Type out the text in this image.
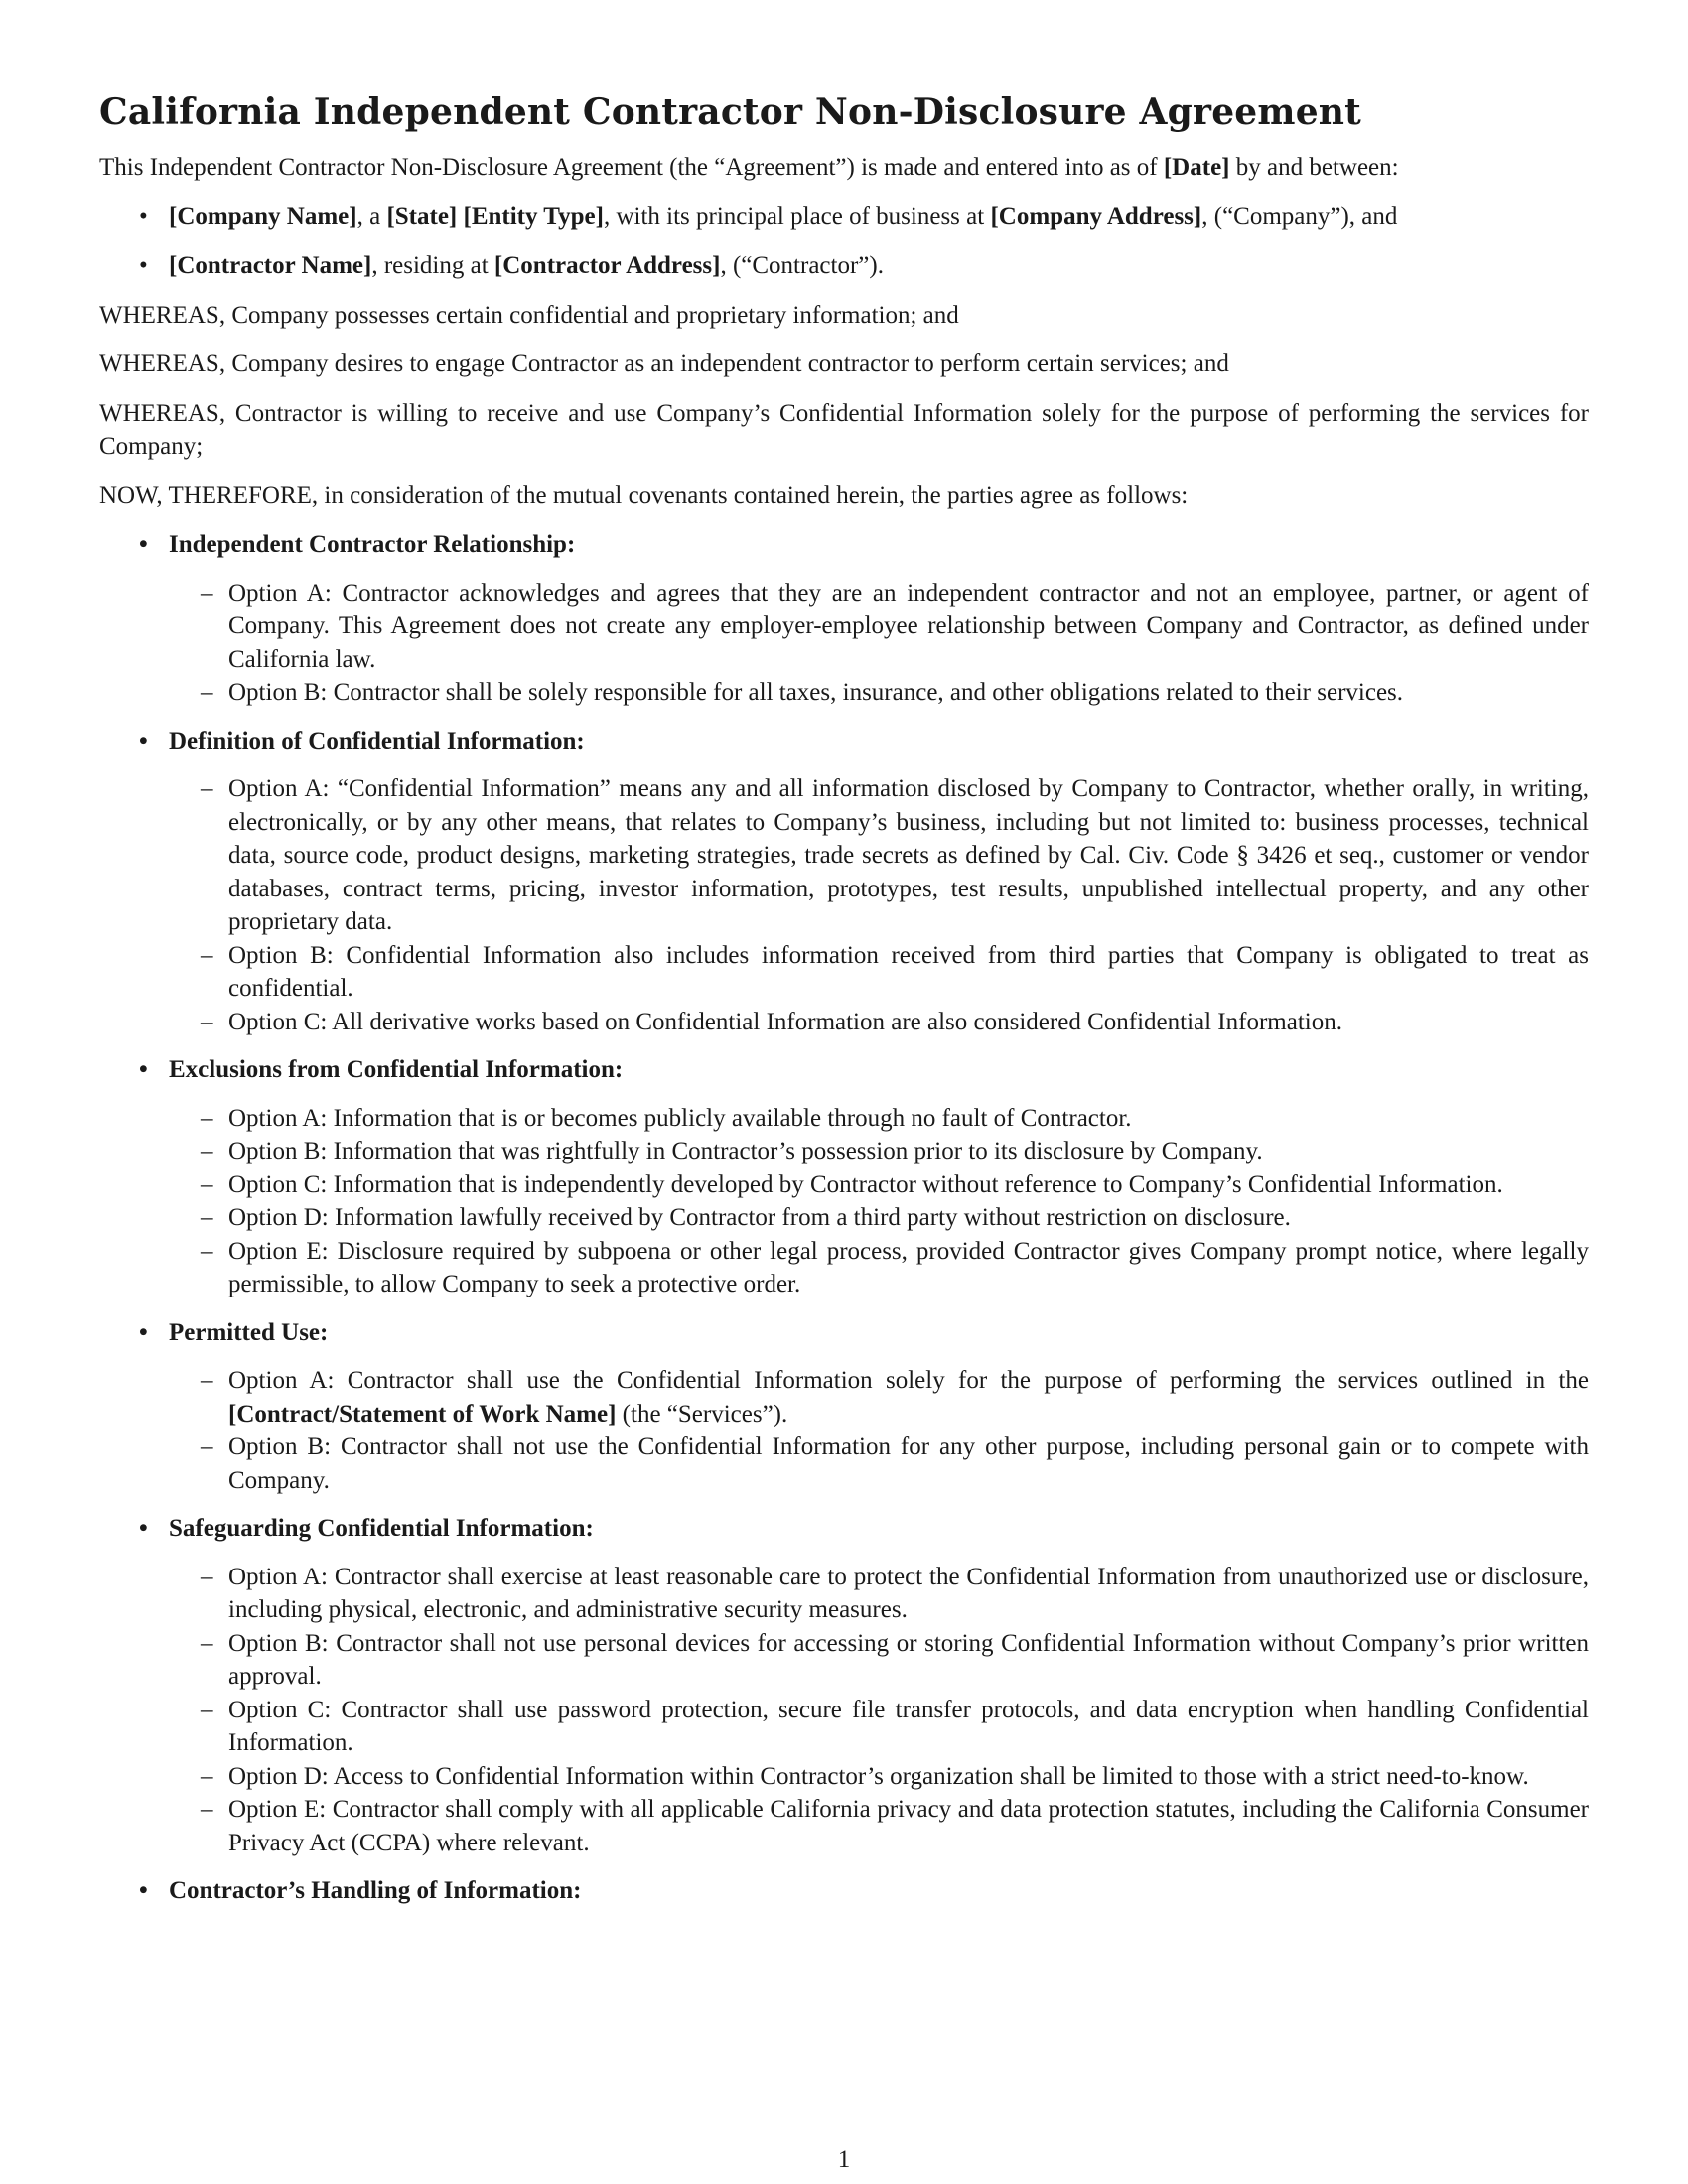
California Independent Contractor Non-Disclosure Agreement

This Independent Contractor Non-Disclosure Agreement (the “Agreement”) is made and entered into as of [Date] by and between:

• [Company Name], a [State] [Entity Type], with its principal place of business at [Company Address], (“Company”), and
• [Contractor Name], residing at [Contractor Address], (“Contractor”).

WHEREAS, Company possesses certain confidential and proprietary information; and

WHEREAS, Company desires to engage Contractor as an independent contractor to perform certain services; and

WHEREAS, Contractor is willing to receive and use Company’s Confidential Information solely for the purpose of performing the services for Company;

NOW, THEREFORE, in consideration of the mutual covenants contained herein, the parties agree as follows:

• Independent Contractor Relationship:
– Option A: Contractor acknowledges and agrees that they are an independent contractor and not an employee, partner, or agent of Company. This Agreement does not create any employer-employee relationship between Company and Contractor, as defined under California law.
– Option B: Contractor shall be solely responsible for all taxes, insurance, and other obligations related to their services.
• Definition of Confidential Information:
– Option A: “Confidential Information” means any and all information disclosed by Company to Contractor, whether orally, in writing, electronically, or by any other means, that relates to Company’s business, including but not limited to: business processes, technical data, source code, product designs, marketing strategies, trade secrets as defined by Cal. Civ. Code § 3426 et seq., customer or vendor databases, contract terms, pricing, investor information, prototypes, test results, unpublished intellectual property, and any other proprietary data.
– Option B: Confidential Information also includes information received from third parties that Company is obligated to treat as confidential.
– Option C: All derivative works based on Confidential Information are also considered Confidential Information.
• Exclusions from Confidential Information:
– Option A: Information that is or becomes publicly available through no fault of Contractor.
– Option B: Information that was rightfully in Contractor’s possession prior to its disclosure by Company.
– Option C: Information that is independently developed by Contractor without reference to Company’s Confidential Information.
– Option D: Information lawfully received by Contractor from a third party without restriction on disclosure.
– Option E: Disclosure required by subpoena or other legal process, provided Contractor gives Company prompt notice, where legally permissible, to allow Company to seek a protective order.
• Permitted Use:
– Option A: Contractor shall use the Confidential Information solely for the purpose of performing the services outlined in the [Contract/Statement of Work Name] (the “Services”).
– Option B: Contractor shall not use the Confidential Information for any other purpose, including personal gain or to compete with Company.
• Safeguarding Confidential Information:
– Option A: Contractor shall exercise at least reasonable care to protect the Confidential Information from unauthorized use or disclosure, including physical, electronic, and administrative security measures.
– Option B: Contractor shall not use personal devices for accessing or storing Confidential Information without Company’s prior written approval.
– Option C: Contractor shall use password protection, secure file transfer protocols, and data encryption when handling Confidential Information.
– Option D: Access to Confidential Information within Contractor’s organization shall be limited to those with a strict need-to-know.
– Option E: Contractor shall comply with all applicable California privacy and data protection statutes, including the California Consumer Privacy Act (CCPA) where relevant.
• Contractor’s Handling of Information:
1
